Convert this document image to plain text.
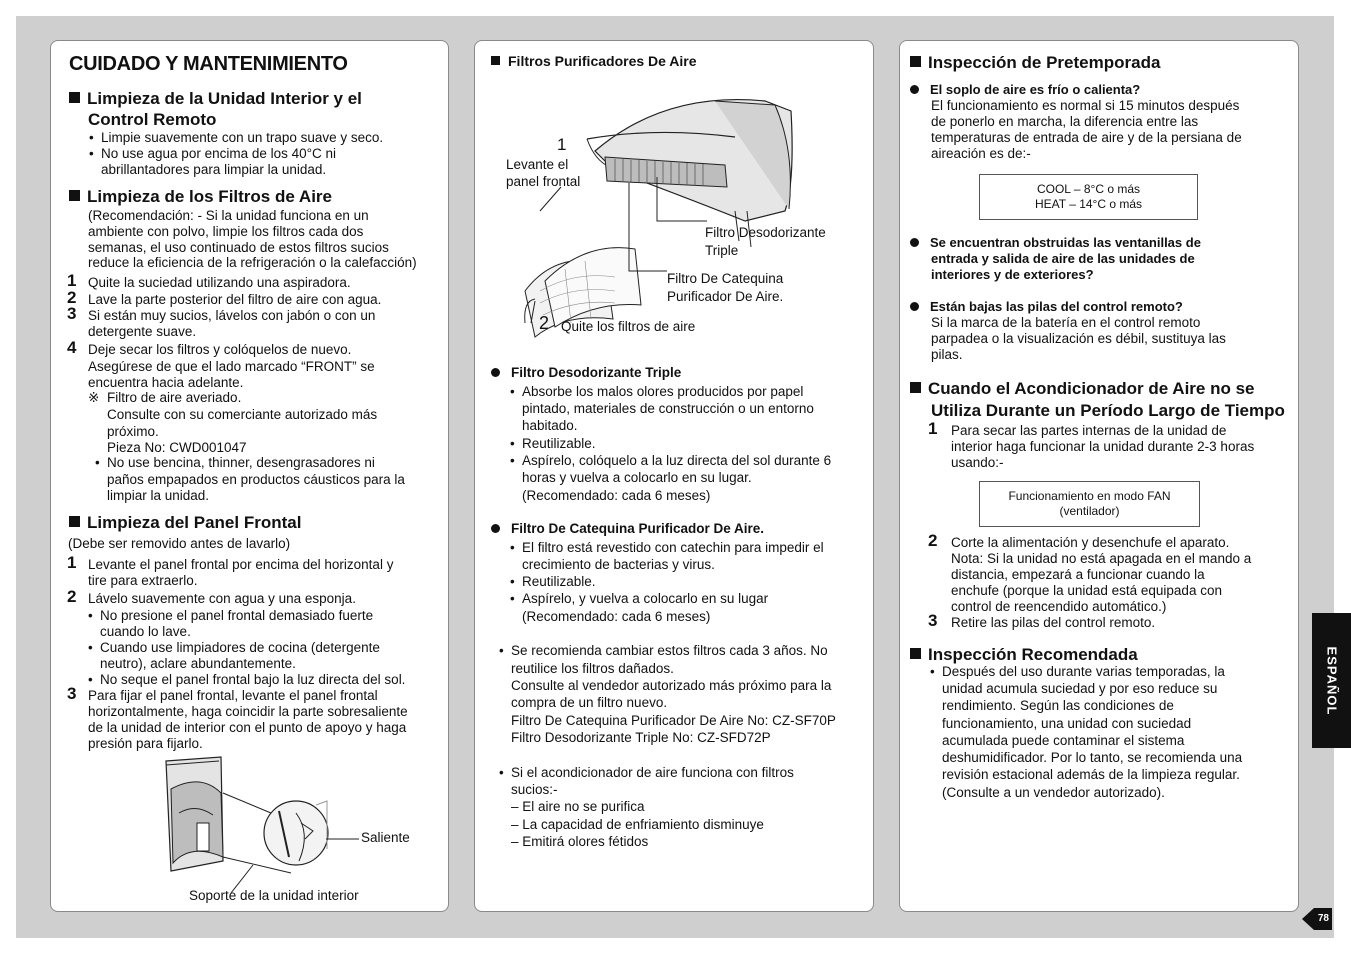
CUIDADO Y MANTENIMIENTO
Limpieza de la Unidad Interior y el
Control Remoto
• Limpie suavemente con un trapo suave y seco.
• No use agua por encima de los 40°C ni
abrillantadores para limpiar la unidad.
Limpieza de los Filtros de Aire
(Recomendación: - Si la unidad funciona en un
ambiente con polvo, limpie los filtros cada dos
semanas, el uso continuado de estos filtros sucios
reduce la eficiencia de la refrigeración o la calefacción)
1 Quite la suciedad utilizando una aspiradora.
2 Lave la parte posterior del filtro de aire con agua.
3 Si están muy sucios, lávelos con jabón o con un
detergente suave.
4 Deje secar los filtros y colóquelos de nuevo.
Asegúrese de que el lado marcado “FRONT” se
encuentra hacia adelante.
※ Filtro de aire averiado.
Consulte con su comerciante autorizado más
próximo.
Pieza No: CWD001047
• No use bencina, thinner, desengrasadores ni
paños empapados en productos cáusticos para la
limpiar la unidad.
Limpieza del Panel Frontal
(Debe ser removido antes de lavarlo)
1 Levante el panel frontal por encima del horizontal y
tire para extraerlo.
2 Lávelo suavemente con agua y una esponja.
• No presione el panel frontal demasiado fuerte
cuando lo lave.
• Cuando use limpiadores de cocina (detergente
neutro), aclare abundantemente.
• No seque el panel frontal bajo la luz directa del sol.
3 Para fijar el panel frontal, levante el panel frontal
horizontalmente, haga coincidir la parte sobresaliente
de la unidad de interior con el punto de apoyo y haga
presión para fijarlo.
Saliente
Soporte de la unidad interior
Filtros Purificadores De Aire
1
Levante el
panel frontal
Filtro Desodorizante
Triple
Filtro De Catequina
Purificador De Aire.
2 Quite los filtros de aire
Filtro Desodorizante Triple
• Absorbe los malos olores producidos por papel
pintado, materiales de construcción o un entorno
habitado.
• Reutilizable.
• Aspírelo, colóquelo a la luz directa del sol durante 6
horas y vuelva a colocarlo en su lugar.
(Recomendado: cada 6 meses)
Filtro De Catequina Purificador De Aire.
• El filtro está revestido con catechin para impedir el
crecimiento de bacterias y virus.
• Reutilizable.
• Aspírelo, y vuelva a colocarlo en su lugar
(Recomendado: cada 6 meses)
• Se recomienda cambiar estos filtros cada 3 años. No
reutilice los filtros dañados.
Consulte al vendedor autorizado más próximo para la
compra de un filtro nuevo.
Filtro De Catequina Purificador De Aire No: CZ-SF70P
Filtro Desodorizante Triple No: CZ-SFD72P
• Si el acondicionador de aire funciona con filtros
sucios:-
– El aire no se purifica
– La capacidad de enfriamiento disminuye
– Emitirá olores fétidos
Inspección de Pretemporada
El soplo de aire es frío o calienta?
El funcionamiento es normal si 15 minutos después
de ponerlo en marcha, la diferencia entre las
temperaturas de entrada de aire y de la persiana de
aireación es de:-
COOL – 8°C o más
HEAT – 14°C o más
Se encuentran obstruidas las ventanillas de
entrada y salida de aire de las unidades de
interiores y de exteriores?
Están bajas las pilas del control remoto?
Si la marca de la batería en el control remoto
parpadea o la visualización es débil, sustituya las
pilas.
Cuando el Acondicionador de Aire no se
Utiliza Durante un Período Largo de Tiempo
1 Para secar las partes internas de la unidad de
interior haga funcionar la unidad durante 2-3 horas
usando:-
Funcionamiento en modo FAN
(ventilador)
2 Corte la alimentación y desenchufe el aparato.
Nota: Si la unidad no está apagada en el mando a
distancia, empezará a funcionar cuando la
enchufe (porque la unidad está equipada con
control de reencendido automático.)
3 Retire las pilas del control remoto.
Inspección Recomendada
• Después del uso durante varias temporadas, la
unidad acumula suciedad y por eso reduce su
rendimiento. Según las condiciones de
funcionamiento, una unidad con suciedad
acumulada puede contaminar el sistema
deshumidificador. Por lo tanto, se recomienda una
revisión estacional además de la limpieza regular.
(Consulte a un vendedor autorizado).
ESPAÑOL
78
